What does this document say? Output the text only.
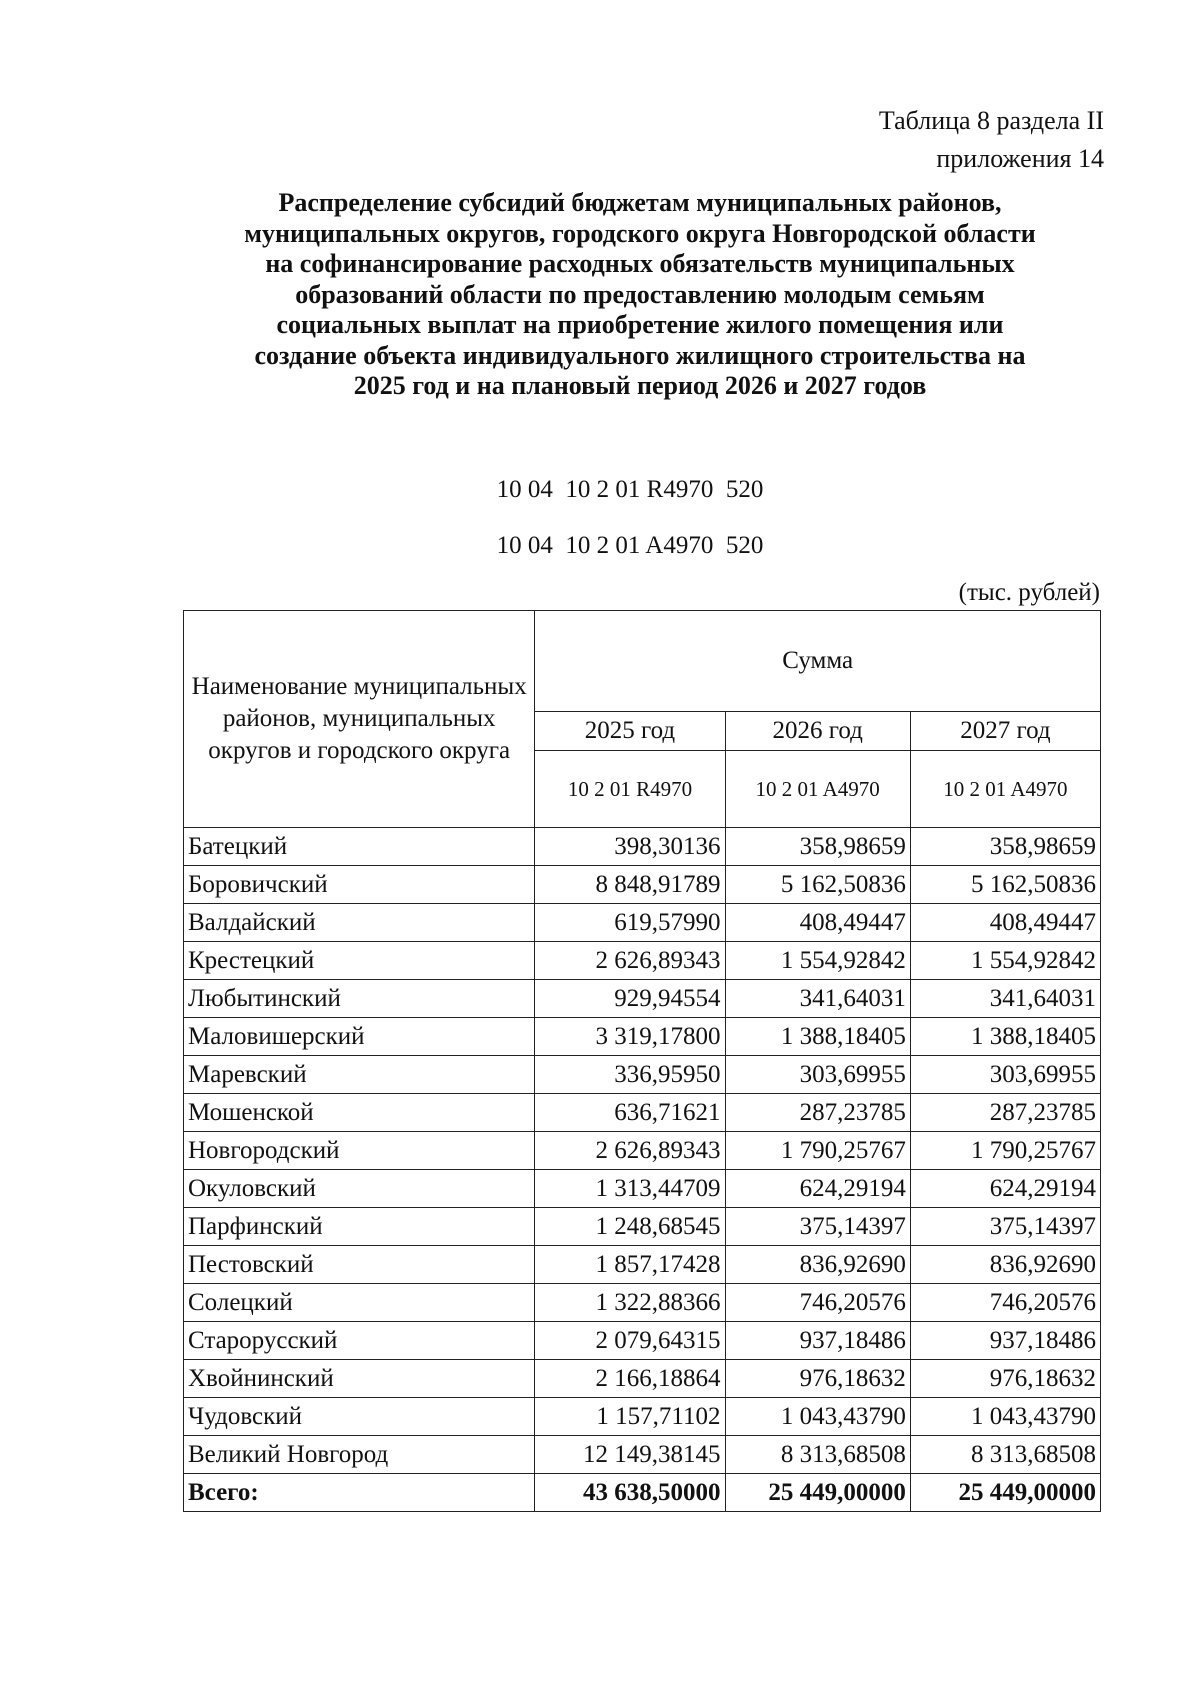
Таблица 8 раздела II
приложения 14
Распределение субсидий бюджетам муниципальных районов,
муниципальных округов, городского округа Новгородской области
на софинансирование расходных обязательств муниципальных
образований области по предоставлению молодым семьям
социальных выплат на приобретение жилого помещения или
создание объекта индивидуального жилищного строительства на
2025 год и на плановый период 2026 и 2027 годов
10 04  10 2 01 R4970  520
10 04  10 2 01 A4970  520
(тыс. рублей)
Наименование муниципальных районов, муниципальных округов и городского округа	Сумма		
	2025 год	2026 год	2027 год
	10 2 01 R4970	10 2 01 A4970	10 2 01 A4970
Батецкий	398,30136	358,98659	358,98659
Боровичский	8 848,91789	5 162,50836	5 162,50836
Валдайский	619,57990	408,49447	408,49447
Крестецкий	2 626,89343	1 554,92842	1 554,92842
Любытинский	929,94554	341,64031	341,64031
Маловишерский	3 319,17800	1 388,18405	1 388,18405
Маревский	336,95950	303,69955	303,69955
Мошенской	636,71621	287,23785	287,23785
Новгородский	2 626,89343	1 790,25767	1 790,25767
Окуловский	1 313,44709	624,29194	624,29194
Парфинский	1 248,68545	375,14397	375,14397
Пестовский	1 857,17428	836,92690	836,92690
Солецкий	1 322,88366	746,20576	746,20576
Старорусский	2 079,64315	937,18486	937,18486
Хвойнинский	2 166,18864	976,18632	976,18632
Чудовский	1 157,71102	1 043,43790	1 043,43790
Великий Новгород	12 149,38145	8 313,68508	8 313,68508
Всего:	43 638,50000	25 449,00000	25 449,00000
